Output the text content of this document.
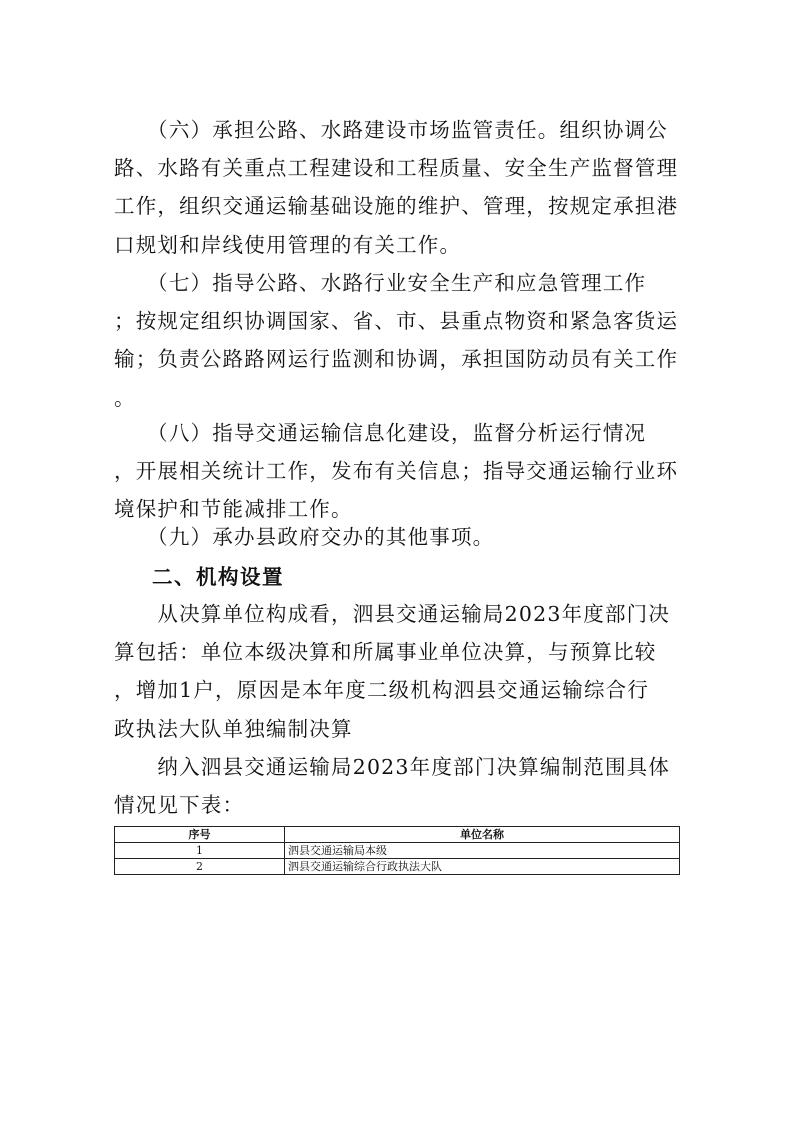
　　（六）承担公路、水路建设市场监管责任。组织协调公
路、水路有关重点工程建设和工程质量、安全生产监督管理
工作，组织交通运输基础设施的维护、管理，按规定承担港
口规划和岸线使用管理的有关工作。
　　（七）指导公路、水路行业安全生产和应急管理工作
；按规定组织协调国家、省、市、县重点物资和紧急客货运
输；负责公路路网运行监测和协调，承担国防动员有关工作
。
　　（八）指导交通运输信息化建设，监督分析运行情况
，开展相关统计工作，发布有关信息；指导交通运输行业环
境保护和节能减排工作。
　　（九）承办县政府交办的其他事项。
二、机构设置
　　从决算单位构成看，泗县交通运输局2023年度部门决
算包括：单位本级决算和所属事业单位决算，与预算比较
，增加1户，原因是本年度二级机构泗县交通运输综合行
政执法大队单独编制决算
　　纳入泗县交通运输局2023年度部门决算编制范围具体
情况见下表：
序号	单位名称
1	泗县交通运输局本级
2	泗县交通运输综合行政执法大队
